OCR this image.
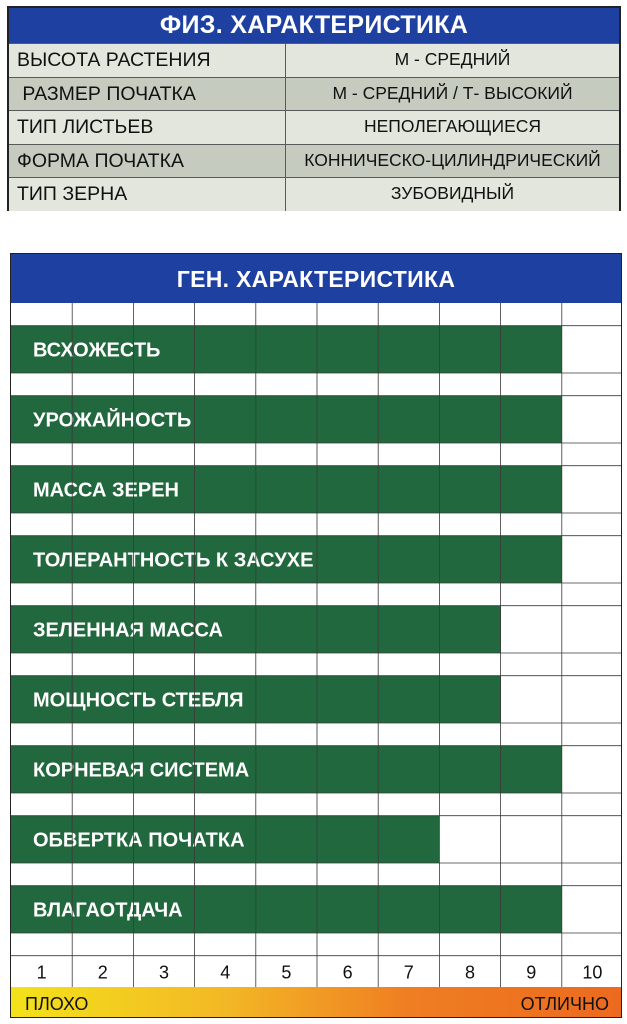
ФИЗ. ХАРАКТЕРИСТИКА
ВЫСОТА РАСТЕНИЯ	М - СРЕДНИЙ
РАЗМЕР ПОЧАТКА	М - СРЕДНИЙ / Т- ВЫСОКИЙ
ТИП ЛИСТЬЕВ	НЕПОЛЕГАЮЩИЕСЯ
ФОРМА ПОЧАТКА	КОННИЧЕСКО-ЦИЛИНДРИЧЕСКИЙ
ТИП ЗЕРНА	ЗУБОВИДНЫЙ
ВСХОЖЕСТЬ
УРОЖАЙНОСТЬ
МАССА ЗЕРЕН
ТОЛЕРАНТНОСТЬ К ЗАСУХЕ
ЗЕЛЕННАЯ МАССА
МОЩНОСТЬ СТЕБЛЯ
КОРНЕВАЯ СИСТЕМА
ОБВЕРТКА ПОЧАТКА
ВЛАГАОТДАЧА
1	2	3	4	5	6	7	8	9	10
ГЕН. ХАРАКТЕРИСТИКА
ПЛОХО	ОТЛИЧНО
